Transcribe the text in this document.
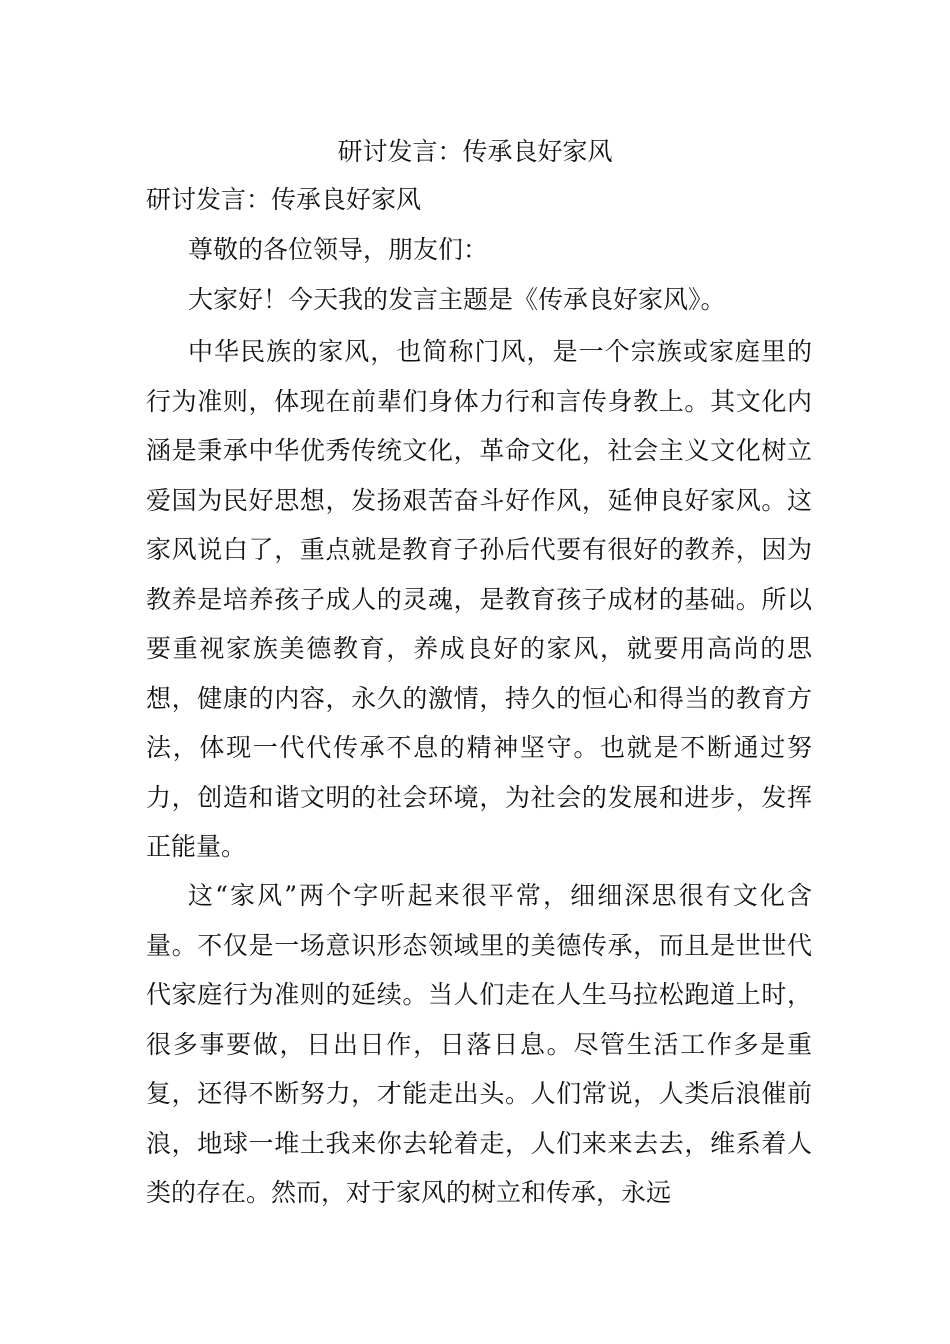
研讨发言：传承良好家风

研讨发言：传承良好家风

尊敬的各位领导，朋友们：

大家好！今天我的发言主题是《传承良好家风》。

中华民族的家风，也简称门风，是一个宗族或家庭里的行为准则，体现在前辈们身体力行和言传身教上。其文化内涵是秉承中华优秀传统文化，革命文化，社会主义文化树立爱国为民好思想，发扬艰苦奋斗好作风，延伸良好家风。这家风说白了，重点就是教育子孙后代要有很好的教养，因为教养是培养孩子成人的灵魂，是教育孩子成材的基础。所以要重视家族美德教育，养成良好的家风，就要用高尚的思想，健康的内容，永久的激情，持久的恒心和得当的教育方法，体现一代代传承不息的精神坚守。也就是不断通过努力，创造和谐文明的社会环境，为社会的发展和进步，发挥正能量。

这“家风”两个字听起来很平常，细细深思很有文化含量。不仅是一场意识形态领域里的美德传承，而且是世世代代家庭行为准则的延续。当人们走在人生马拉松跑道上时，很多事要做，日出日作，日落日息。尽管生活工作多是重复，还得不断努力，才能走出头。人们常说，人类后浪催前浪，地球一堆土我来你去轮着走，人们来来去去，维系着人类的存在。然而，对于家风的树立和传承，永远
